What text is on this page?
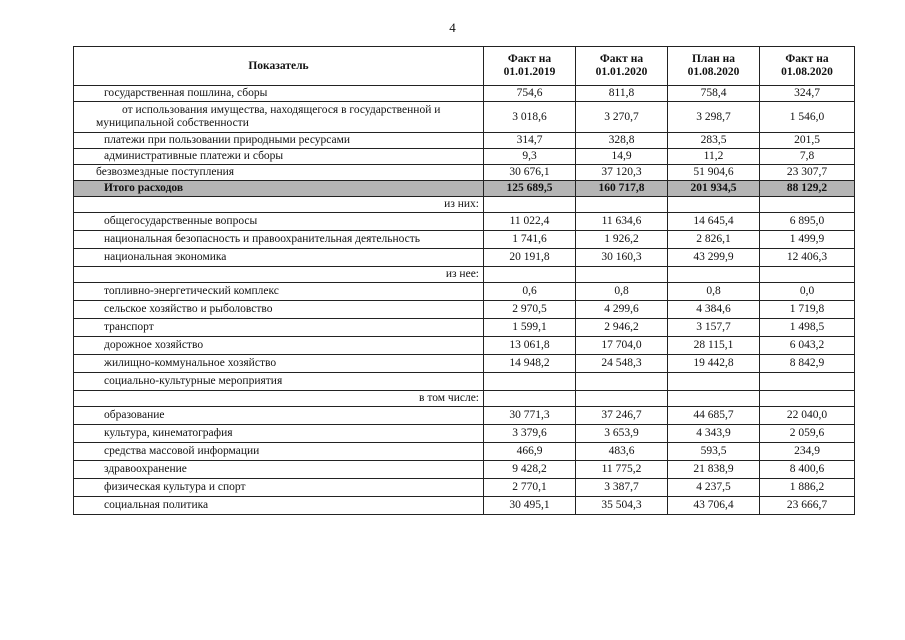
4
Показатель	Факт на 01.01.2019	Факт на 01.01.2020	План на 01.08.2020	Факт на 01.08.2020
государственная пошлина, сборы	754,6	811,8	758,4	324,7
от использования имущества, находящегося в государственной и муниципальной собственности	3 018,6	3 270,7	3 298,7	1 546,0
платежи при пользовании природными ресурсами	314,7	328,8	283,5	201,5
административные платежи и сборы	9,3	14,9	11,2	7,8
безвозмездные поступления	30 676,1	37 120,3	51 904,6	23 307,7
Итого расходов	125 689,5	160 717,8	201 934,5	88 129,2
из них:				
общегосударственные вопросы	11 022,4	11 634,6	14 645,4	6 895,0
национальная безопасность и правоохранительная деятельность	1 741,6	1 926,2	2 826,1	1 499,9
национальная экономика	20 191,8	30 160,3	43 299,9	12 406,3
из нее:				
топливно-энергетический комплекс	0,6	0,8	0,8	0,0
сельское хозяйство и рыболовство	2 970,5	4 299,6	4 384,6	1 719,8
транспорт	1 599,1	2 946,2	3 157,7	1 498,5
дорожное хозяйство	13 061,8	17 704,0	28 115,1	6 043,2
жилищно-коммунальное хозяйство	14 948,2	24 548,3	19 442,8	8 842,9
социально-культурные мероприятия				
в том числе:				
образование	30 771,3	37 246,7	44 685,7	22 040,0
культура, кинематография	3 379,6	3 653,9	4 343,9	2 059,6
средства массовой информации	466,9	483,6	593,5	234,9
здравоохранение	9 428,2	11 775,2	21 838,9	8 400,6
физическая культура и спорт	2 770,1	3 387,7	4 237,5	1 886,2
социальная политика	30 495,1	35 504,3	43 706,4	23 666,7
